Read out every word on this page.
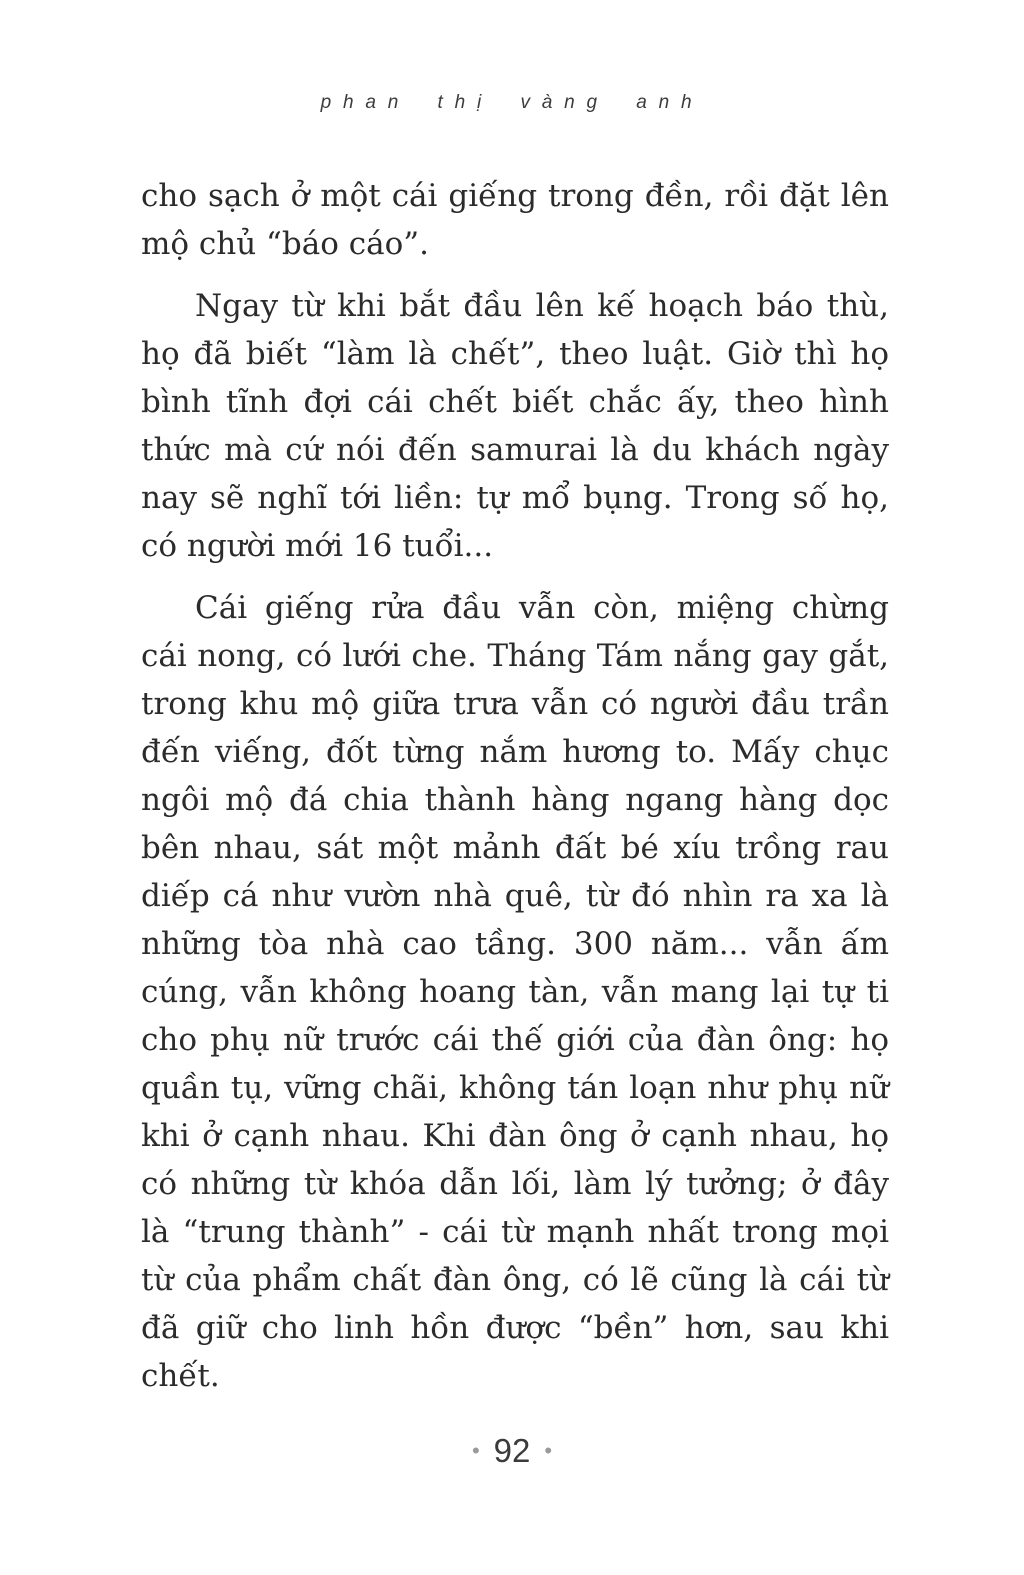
phan thị vàng anh

cho sạch ở một cái giếng trong đền, rồi đặt lên mộ chủ “báo cáo”.

Ngay từ khi bắt đầu lên kế hoạch báo thù, họ đã biết “làm là chết”, theo luật. Giờ thì họ bình tĩnh đợi cái chết biết chắc ấy, theo hình thức mà cứ nói đến samurai là du khách ngày nay sẽ nghĩ tới liền: tự mổ bụng. Trong số họ, có người mới 16 tuổi...

Cái giếng rửa đầu vẫn còn, miệng chừng cái nong, có lưới che. Tháng Tám nắng gay gắt, trong khu mộ giữa trưa vẫn có người đầu trần đến viếng, đốt từng nắm hương to. Mấy chục ngôi mộ đá chia thành hàng ngang hàng dọc bên nhau, sát một mảnh đất bé xíu trồng rau diếp cá như vườn nhà quê, từ đó nhìn ra xa là những tòa nhà cao tầng. 300 năm... vẫn ấm cúng, vẫn không hoang tàn, vẫn mang lại tự ti cho phụ nữ trước cái thế giới của đàn ông: họ quần tụ, vững chãi, không tán loạn như phụ nữ khi ở cạnh nhau. Khi đàn ông ở cạnh nhau, họ có những từ khóa dẫn lối, làm lý tưởng; ở đây là “trung thành” - cái từ mạnh nhất trong mọi từ của phẩm chất đàn ông, có lẽ cũng là cái từ đã giữ cho linh hồn được “bền” hơn, sau khi chết.

• 92 •
